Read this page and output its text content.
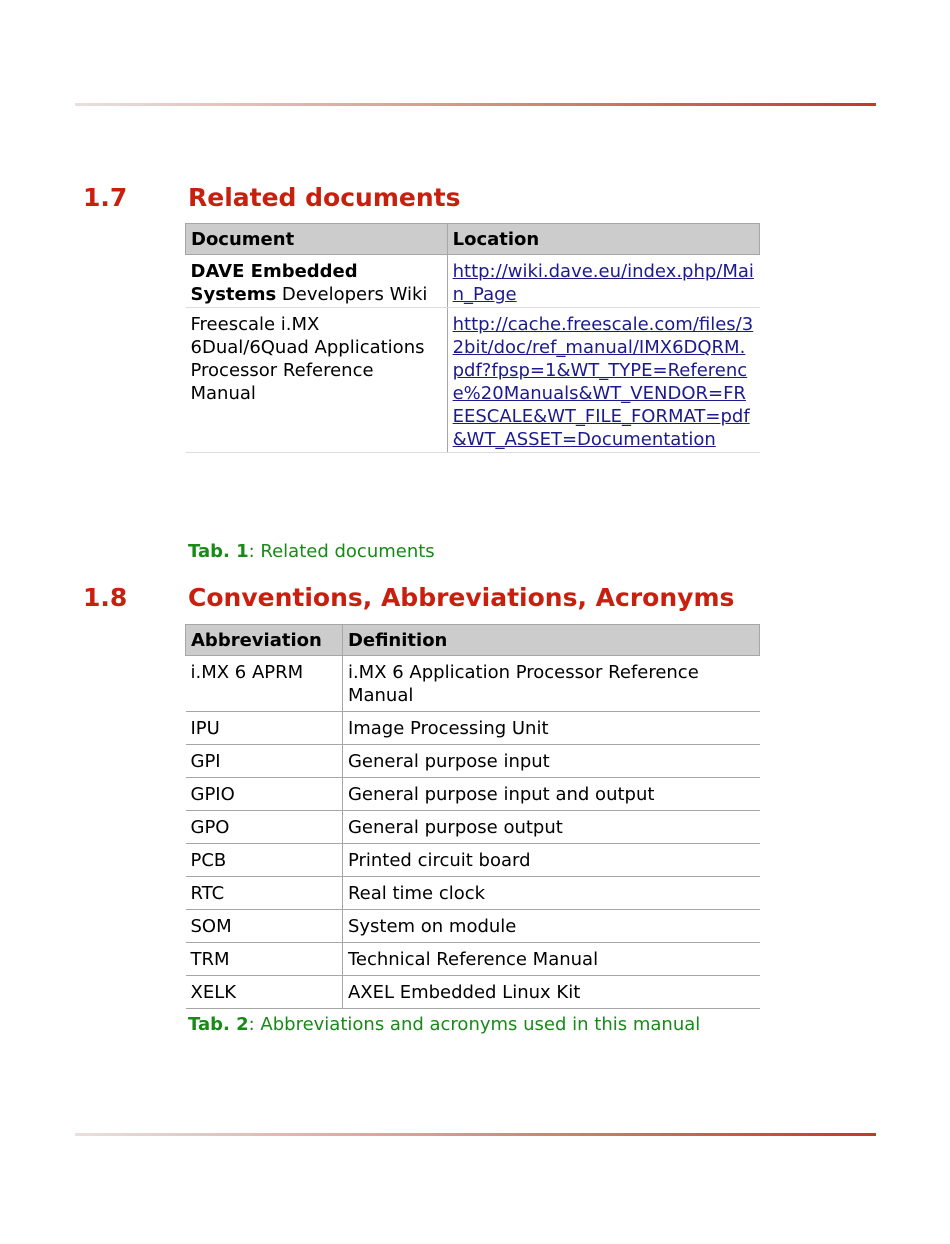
1.7 Related documents
Document	Location
DAVE Embedded Systems Developers Wiki	http://wiki.dave.eu/index.php/Main_Page
Freescale i.MX 6Dual/6Quad Applications Processor Reference Manual	http://cache.freescale.com/files/32bit/doc/ref_manual/IMX6DQRM.pdf?fpsp=1&WT_TYPE=Reference%20Manuals&WT_VENDOR=FREESCALE&WT_FILE_FORMAT=pdf&WT_ASSET=Documentation

Tab. 1: Related documents

1.8 Conventions, Abbreviations, Acronyms
Abbreviation	Definition
i.MX 6 APRM	i.MX 6 Application Processor Reference Manual
IPU	Image Processing Unit
GPI	General purpose input
GPIO	General purpose input and output
GPO	General purpose output
PCB	Printed circuit board
RTC	Real time clock
SOM	System on module
TRM	Technical Reference Manual
XELK	AXEL Embedded Linux Kit

Tab. 2: Abbreviations and acronyms used in this manual
